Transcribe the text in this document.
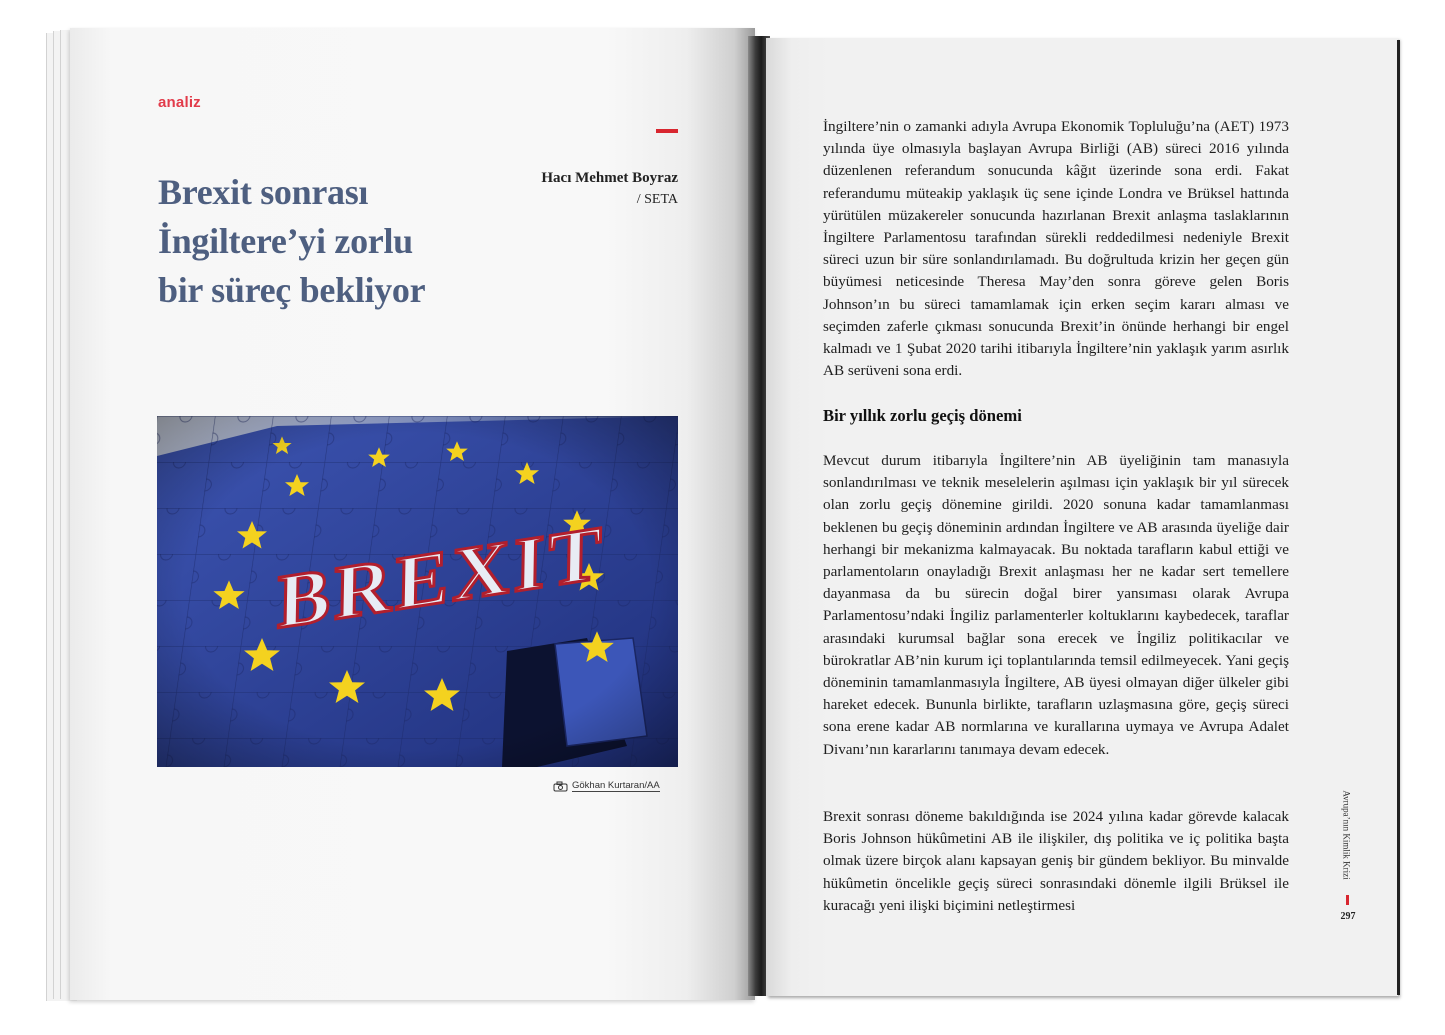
analiz
Brexit sonrası
İngiltere’yi zorlu
bir süreç bekliyor
Hacı Mehmet Boyraz
/ SETA
Gökhan Kurtaran/AA

İngiltere’nin o zamanki adıyla Avrupa Ekonomik Topluluğu’na (AET) 1973 yılında üye olmasıyla başlayan Avrupa Birliği (AB) süreci 2016 yılında düzenlenen referandum sonucunda kâğıt üzerinde sona erdi. Fakat referandumu müteakip yaklaşık üç sene içinde Londra ve Brüksel hattında yürütülen müzakereler sonucunda hazırlanan Brexit anlaşma taslaklarının İngiltere Parlamentosu tarafından sürekli reddedilmesi nedeniyle Brexit süreci uzun bir süre sonlandırılamadı. Bu doğrultuda krizin her geçen gün büyümesi neticesinde Theresa May’den sonra göreve gelen Boris Johnson’ın bu süreci tamamlamak için erken seçim kararı alması ve seçimden zaferle çıkması sonucunda Brexit’in önünde herhangi bir engel kalmadı ve 1 Şubat 2020 tarihi itibarıyla İngiltere’nin yaklaşık yarım asırlık AB serüveni sona erdi.

Bir yıllık zorlu geçiş dönemi

Mevcut durum itibarıyla İngiltere’nin AB üyeliğinin tam manasıyla sonlandırılması ve teknik meselelerin aşılması için yaklaşık bir yıl sürecek olan zorlu geçiş dönemine girildi. 2020 sonuna kadar tamamlanması beklenen bu geçiş döneminin ardından İngiltere ve AB arasında üyeliğe dair herhangi bir mekanizma kalmayacak. Bu noktada tarafların kabul ettiği ve parlamentoların onayladığı Brexit anlaşması her ne kadar sert temellere dayanmasa da bu sürecin doğal birer yansıması olarak Avrupa Parlamentosu’ndaki İngiliz parlamenterler koltuklarını kaybedecek, taraflar arasındaki kurumsal bağlar sona erecek ve İngiliz politikacılar ve bürokratlar AB’nin kurum içi toplantılarında temsil edilmeyecek. Yani geçiş döneminin tamamlanmasıyla İngiltere, AB üyesi olmayan diğer ülkeler gibi hareket edecek. Bununla birlikte, tarafların uzlaşmasına göre, geçiş süreci sona erene kadar AB normlarına ve kurallarına uymaya ve Avrupa Adalet Divanı’nın kararlarını tanımaya devam edecek.

Brexit sonrası döneme bakıldığında ise 2024 yılına kadar görevde kalacak Boris Johnson hükûmetini AB ile ilişkiler, dış politika ve iç politika başta olmak üzere birçok alanı kapsayan geniş bir gündem bekliyor. Bu minvalde hükûmetin öncelikle geçiş süreci sonrasındaki dönemle ilgili Brüksel ile kuracağı yeni ilişki biçimini netleştirmesi

Avrupa’nın Kimlik Krizi
297
